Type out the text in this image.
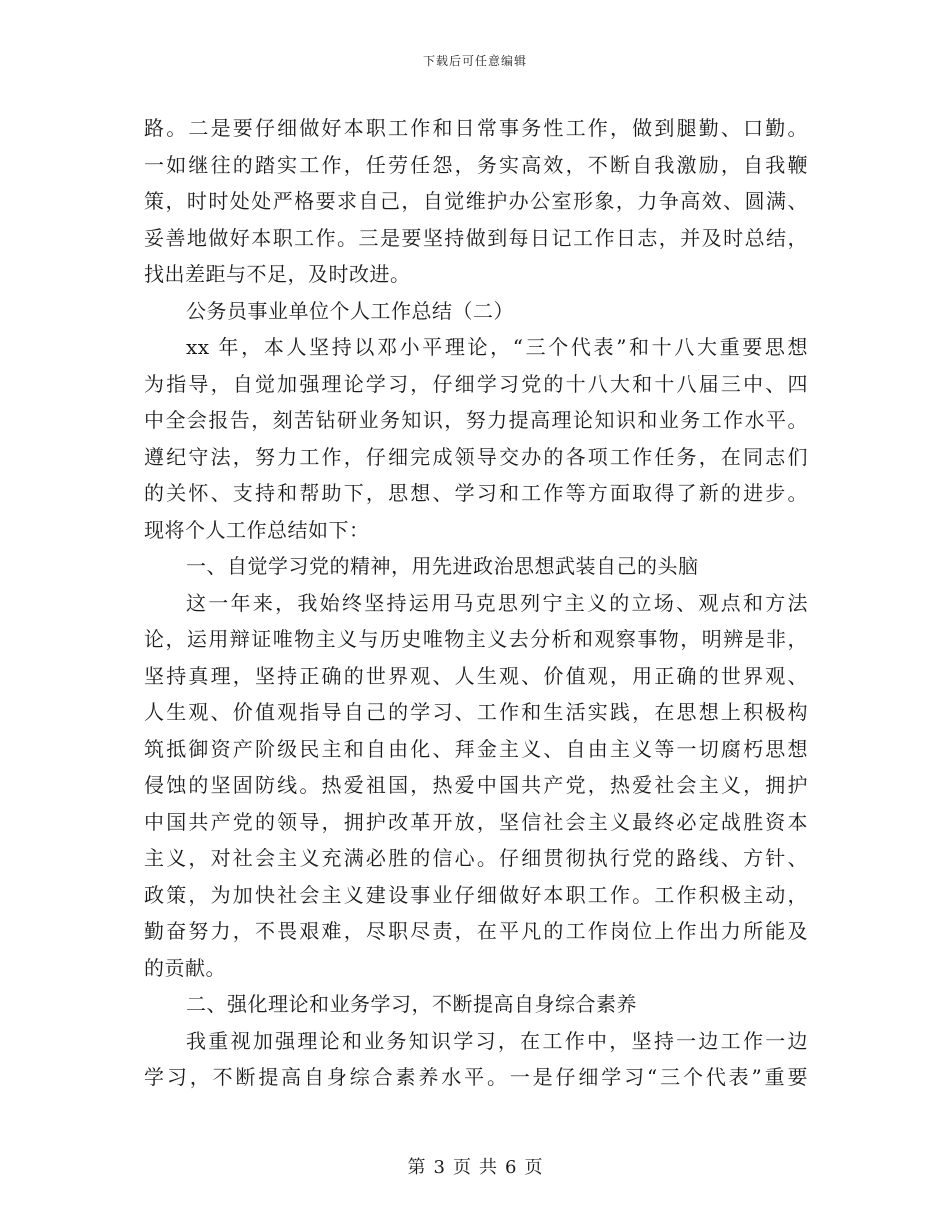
下载后可任意编辑
路。二是要仔细做好本职工作和日常事务性工作，做到腿勤、口勤。
一如继往的踏实工作，任劳任怨，务实高效，不断自我激励，自我鞭
策，时时处处严格要求自己，自觉维护办公室形象，力争高效、圆满、
妥善地做好本职工作。三是要坚持做到每日记工作日志，并及时总结，
找出差距与不足，及时改进。
公务员事业单位个人工作总结（二）
xx 年，本人坚持以邓小平理论，“三个代表”和十八大重要思想
为指导，自觉加强理论学习，仔细学习党的十八大和十八届三中、四
中全会报告，刻苦钻研业务知识，努力提高理论知识和业务工作水平。
遵纪守法，努力工作，仔细完成领导交办的各项工作任务，在同志们
的关怀、支持和帮助下，思想、学习和工作等方面取得了新的进步。
现将个人工作总结如下：
一、自觉学习党的精神，用先进政治思想武装自己的头脑
这一年来，我始终坚持运用马克思列宁主义的立场、观点和方法
论，运用辩证唯物主义与历史唯物主义去分析和观察事物，明辨是非，
坚持真理，坚持正确的世界观、人生观、价值观，用正确的世界观、
人生观、价值观指导自己的学习、工作和生活实践，在思想上积极构
筑抵御资产阶级民主和自由化、拜金主义、自由主义等一切腐朽思想
侵蚀的坚固防线。热爱祖国，热爱中国共产党，热爱社会主义，拥护
中国共产党的领导，拥护改革开放，坚信社会主义最终必定战胜资本
主义，对社会主义充满必胜的信心。仔细贯彻执行党的路线、方针、
政策，为加快社会主义建设事业仔细做好本职工作。工作积极主动，
勤奋努力，不畏艰难，尽职尽责，在平凡的工作岗位上作出力所能及
的贡献。
二、强化理论和业务学习，不断提高自身综合素养
我重视加强理论和业务知识学习，在工作中，坚持一边工作一边
学习，不断提高自身综合素养水平。一是仔细学习“三个代表”重要
第 3 页 共 6 页
